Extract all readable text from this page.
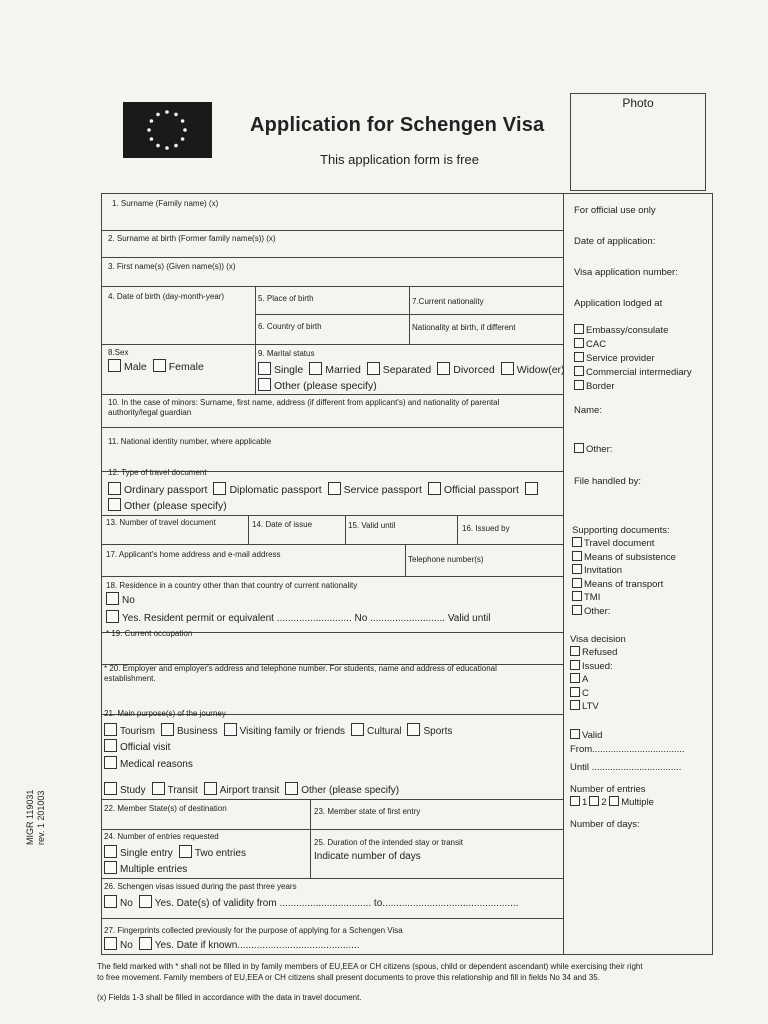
Application for Schengen Visa
This application form is free
Photo
1. Surname (Family name) (x)
2. Surname at birth (Former family name(s)) (x)
3. First name(s) (Given name(s)) (x)
4. Date of birth (day-month-year)	5. Place of birth	7.Current nationality
6. Country of birth	Nationality at birth, if different
8.Sex
Male Female
9. Marital status
Single Married Separated Divorced Widow(er)
Other (please specify)
10. In the case of minors: Surname, first name, address (if different from applicant's) and nationality of parental
authority/legal guardian
11. National identity number, where applicable
12. Type of travel document
Ordinary passport Diplomatic passport Service passport Official passport
Other (please specify)
13. Number of travel document	14. Date of issue	15. Valid until	16. Issued by
17. Applicant's home address and e-mail address
Telephone number(s)
18. Residence in a country other than that country of current nationality
No
Yes. Resident permit or equivalent ........................... No ........................... Valid until
* 19. Current occupation
* 20. Employer and employer's address and telephone number. For students, name and address of educational
establishment.
21. Main purpose(s) of the journey
Tourism Business Visiting family or friends Cultural Sports
Official visit
Medical reasons
Study Transit Airport transit Other (please specify)
22. Member State(s) of destination	23. Member state of first entry
24. Number of entries requested
Single entry Two entries
Multiple entries
25. Duration of the intended stay or transit
Indicate number of days
26. Schengen visas issued during the past three years
No Yes. Date(s) of validity from ................................. to.................................................
27. Fingerprints collected previously for the purpose of applying for a Schengen Visa
No Yes. Date if known............................................
For official use only
Date of application:
Visa application number:
Application lodged at
Embassy/consulate
CAC
Service provider
Commercial intermediary
Border
Name:
Other:
File handled by:
Supporting documents:
Travel document
Means of subsistence
Invitation
Means of transport
TMI
Other:
Visa decision
Refused
Issued:
A
C
LTV
Valid
From...................................
Until ..................................
Number of entries
1 2 Multiple
Number of days:
The field marked with * shall not be filled in by family members of EU,EEA or CH citizens (spous, child or dependent ascendant) while exercising their right
to free movement. Family members of EU,EEA or CH citizens shall present documents to prove this relationship and fill in fields No 34 and 35.
(x) Fields 1-3 shall be filled in accordance with the data in travel document.
MIGR 119031 rev. 1 201003
